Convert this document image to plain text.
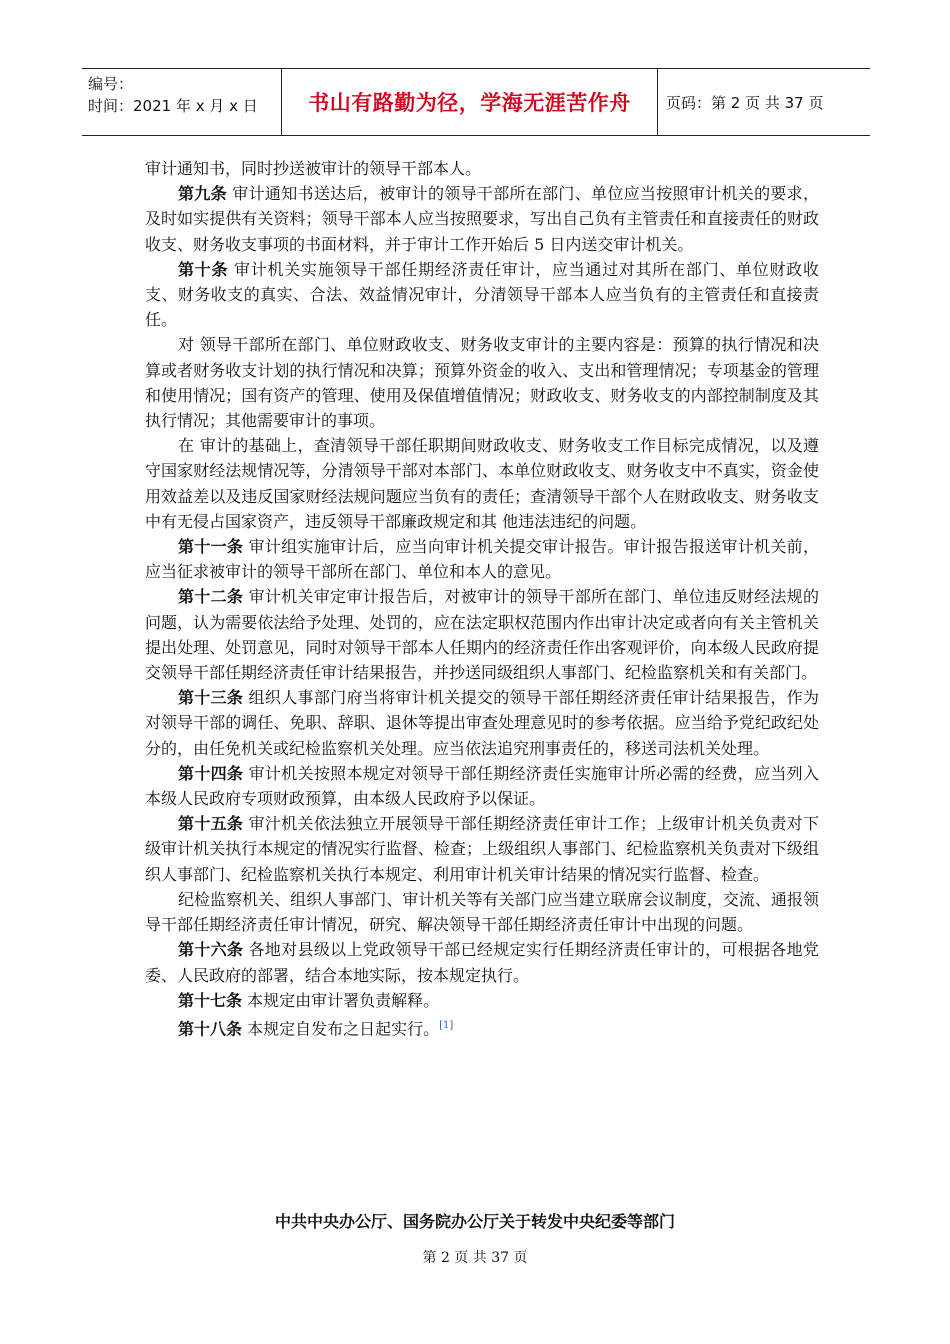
编号：
时间：2021 年 x 月 x 日	书山有路勤为径，学海无涯苦作舟 页码：第 2 页 共 37 页

审计通知书，同时抄送被审计的领导干部本人。

第九条 审计通知书送达后，被审计的领导干部所在部门、单位应当按照审计机关的要求，及时如实提供有关资料；领导干部本人应当按照要求，写出自己负有主管责任和直接责任的财政收支、财务收支事项的书面材料，并于审计工作开始后 5 日内送交审计机关。

第十条 审计机关实施领导干部任期经济责任审计，应当通过对其所在部门、单位财政收支、财务收支的真实、合法、效益情况审计，分清领导干部本人应当负有的主管责任和直接责任。

对 领导干部所在部门、单位财政收支、财务收支审计的主要内容是：预算的执行情况和决算或者财务收支计划的执行情况和决算；预算外资金的收入、支出和管理情况；专项基金的管理和使用情况；国有资产的管理、使用及保值增值情况；财政收支、财务收支的内部控制制度及其执行情况；其他需要审计的事项。

在 审计的基础上，查清领导干部任职期间财政收支、财务收支工作目标完成情况，以及遵守国家财经法规情况等，分清领导干部对本部门、本单位财政收支、财务收支中不真实，资金使用效益差以及违反国家财经法规问题应当负有的责任；查清领导干部个人在财政收支、财务收支中有无侵占国家资产，违反领导干部廉政规定和其 他违法违纪的问题。

第十一条 审计组实施审计后，应当向审计机关提交审计报告。审计报告报送审计机关前，应当征求被审计的领导干部所在部门、单位和本人的意见。

第十二条 审计机关审定审计报告后，对被审计的领导干部所在部门、单位违反财经法规的问题，认为需要依法给予处理、处罚的，应在法定职权范围内作出审计决定或者向有关主管机关提出处理、处罚意见，同时对领导干部本人任期内的经济责任作出客观评价，向本级人民政府提交领导干部任期经济责任审计结果报告，并抄送同级组织人事部门、纪检监察机关和有关部门。

第十三条 组织人事部门府当将审计机关提交的领导干部任期经济责任审计结果报告，作为对领导干部的调任、免职、辞职、退休等提出审查处理意见时的参考依据。应当给予党纪政纪处分的，由任免机关或纪检监察机关处理。应当依法追究刑事责任的，移送司法机关处理。

第十四条 审计机关按照本规定对领导干部任期经济责任实施审计所必需的经费，应当列入本级人民政府专项财政预算，由本级人民政府予以保证。

第十五条 审汁机关依法独立开展领导干部任期经济责任审计工作；上级审计机关负责对下级审计机关执行本规定的情况实行监督、检查；上级组织人事部门、纪检监察机关负责对下级组织人事部门、纪检监察机关执行本规定、利用审计机关审计结果的情况实行监督、检查。

纪检监察机关、组织人事部门、审计机关等有关部门应当建立联席会议制度，交流、通报领导干部任期经济责任审计情况，研究、解决领导干部任期经济责任审计中出现的问题。

第十六条 各地对县级以上党政领导干部已经规定实行任期经济责任审计的，可根据各地党委、人民政府的部署，结合本地实际，按本规定执行。

第十七条 本规定由审计署负责解释。

第十八条 本规定自发布之日起实行。[1]

中共中央办公厅、国务院办公厅关于转发中央纪委等部门
第 2 页 共 37 页
